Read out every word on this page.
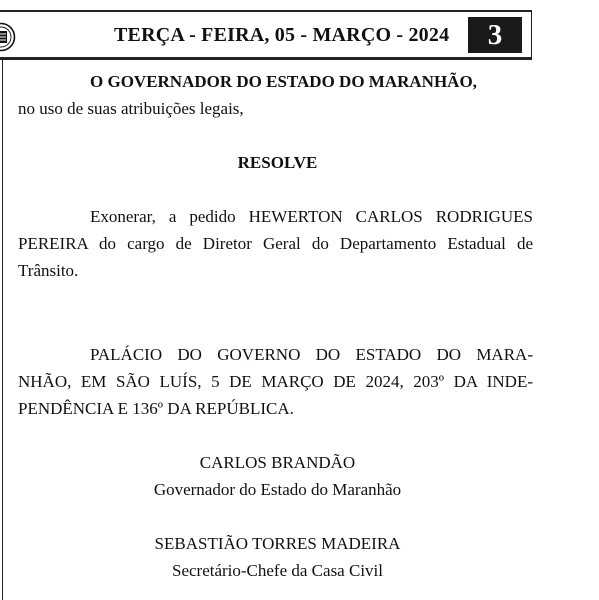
TERÇA - FEIRA, 05 - MARÇO - 2024	3
O GOVERNADOR DO ESTADO DO MARANHÃO,
no uso de suas atribuições legais,
RESOLVE
Exonerar, a pedido HEWERTON CARLOS RODRIGUES
PEREIRA do cargo de Diretor Geral do Departamento Estadual de
Trânsito.
PALÁCIO DO GOVERNO DO ESTADO DO MARA-
NHÃO, EM SÃO LUÍS, 5 DE MARÇO DE 2024, 203º DA INDE-
PENDÊNCIA E 136º DA REPÚBLICA.
CARLOS BRANDÃO
Governador do Estado do Maranhão
SEBASTIÃO TORRES MADEIRA
Secretário-Chefe da Casa Civil
